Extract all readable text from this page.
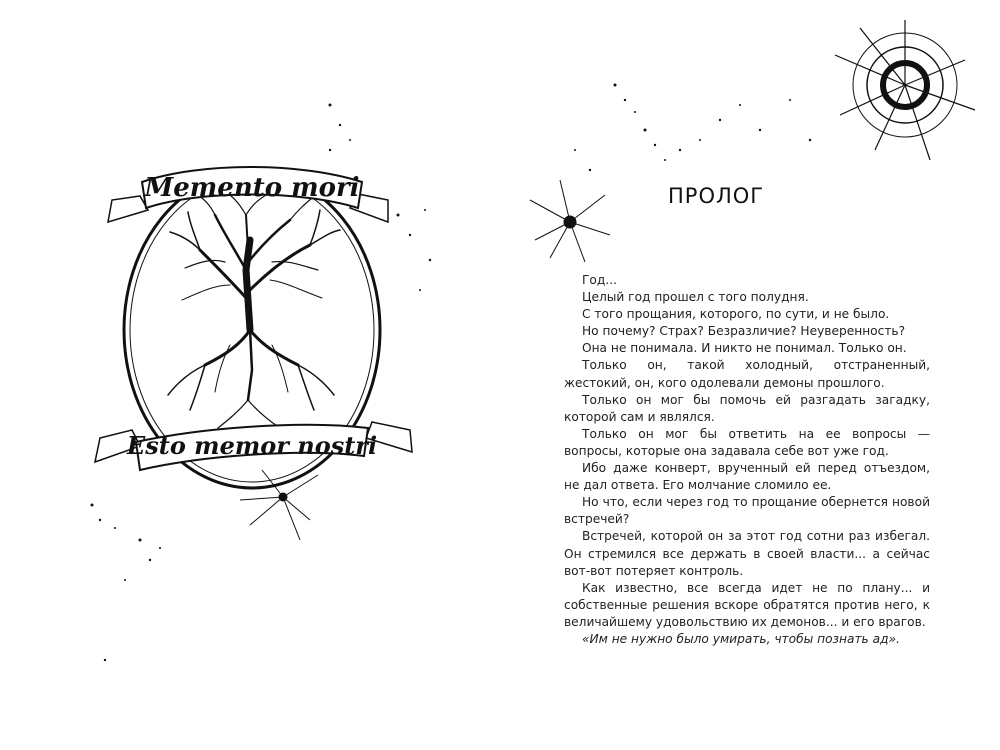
Memento mori
Esto memor nostri
ПРОЛОГ

Год...

Целый год прошел с того полудня.

С того прощания, которого, по сути, и не было.

Но почему? Страх? Безразличие? Неуверенность?

Она не понимала. И никто не понимал. Только он.

Только он, такой холодный, отстраненный, жестокий, он, кого одолевали демоны прошлого.

Только он мог бы помочь ей разгадать загадку, которой сам и являлся.

Только он мог бы ответить на ее вопросы — вопросы, которые она задавала себе вот уже год.

Ибо даже конверт, врученный ей перед отъездом, не дал ответа. Его молчание сломило ее.

Но что, если через год то прощание обернется новой встречей?

Встречей, которой он за этот год сотни раз избегал. Он стремился все держать в своей власти... а сейчас вот-вот потеряет контроль.

Как известно, все всегда идет не по плану... и собственные решения вскоре обратятся против него, к величайшему удовольствию их демонов... и его врагов.

«Им не нужно было умирать, чтобы познать ад».
